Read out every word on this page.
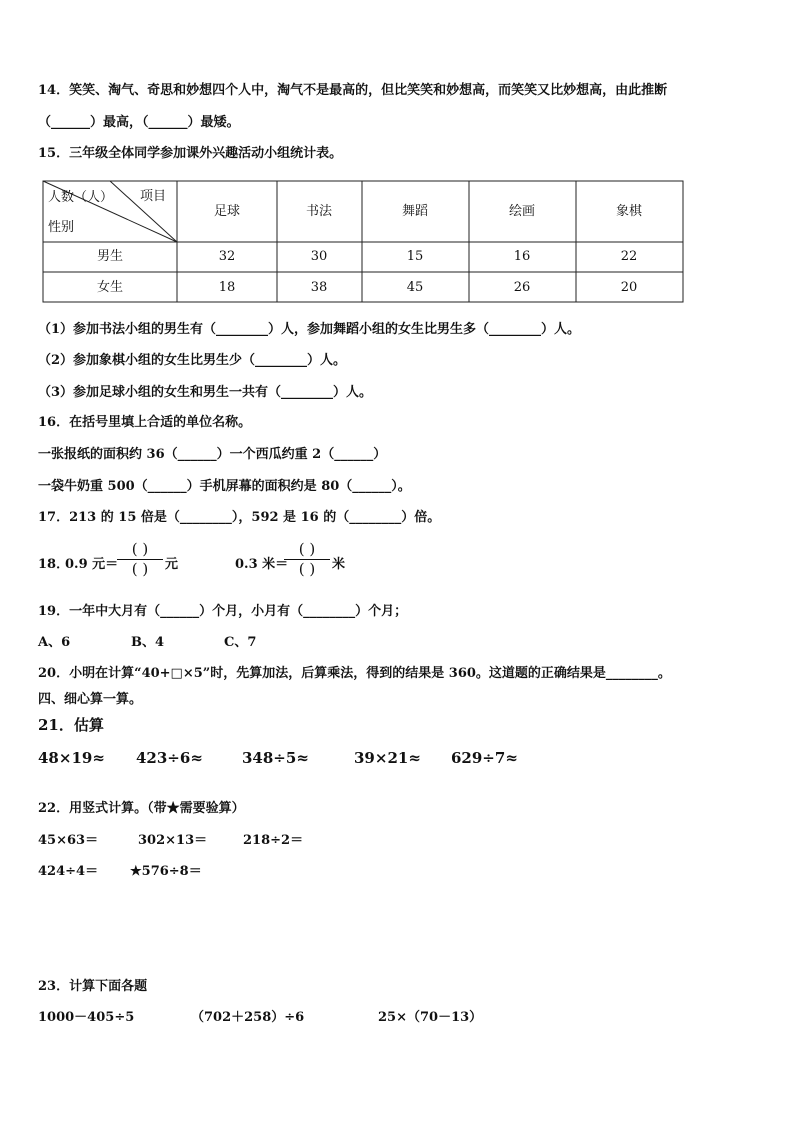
14．笑笑、淘气、奇思和妙想四个人中，淘气不是最高的，但比笑笑和妙想高，而笑笑又比妙想高，由此推断
（______）最高，（______）最矮。
15．三年级全体同学参加课外兴趣活动小组统计表。
项目
人数（人）
性别
足球	书法	舞蹈	绘画	象棋
男生	32	30	15	16	22
女生	18	38	45	26	20
（1）参加书法小组的男生有（________）人，参加舞蹈小组的女生比男生多（________）人。
（2）参加象棋小组的女生比男生少（________）人。
（3）参加足球小组的女生和男生一共有（________）人。
16．在括号里填上合适的单位名称。
一张报纸的面积约 36（______）一个西瓜约重 2（______）
一袋牛奶重 500（______）手机屏幕的面积约是 80（______）。
17．213 的 15 倍是（________），592 是 16 的（________）倍。
18．
0.9 元＝
( )
( )	元	0.3 米＝
( )
( )	米
19．一年中大月有（______）个月，小月有（________）个月；
A、6	B、4	C、7
20．小明在计算“40+□×5”时，先算加法，后算乘法，得到的结果是 360。这道题的正确结果是________。
四、细心算一算。
21．估算
48×19≈ 423÷6≈	348÷5≈	39×21≈ 629÷7≈
22．用竖式计算。（带★需要验算）
45×63＝	302×13＝	218÷2＝
424÷4＝ ★576÷8＝
23．计算下面各题
1000－405÷5	（702＋258）÷6	25×（70－13）
